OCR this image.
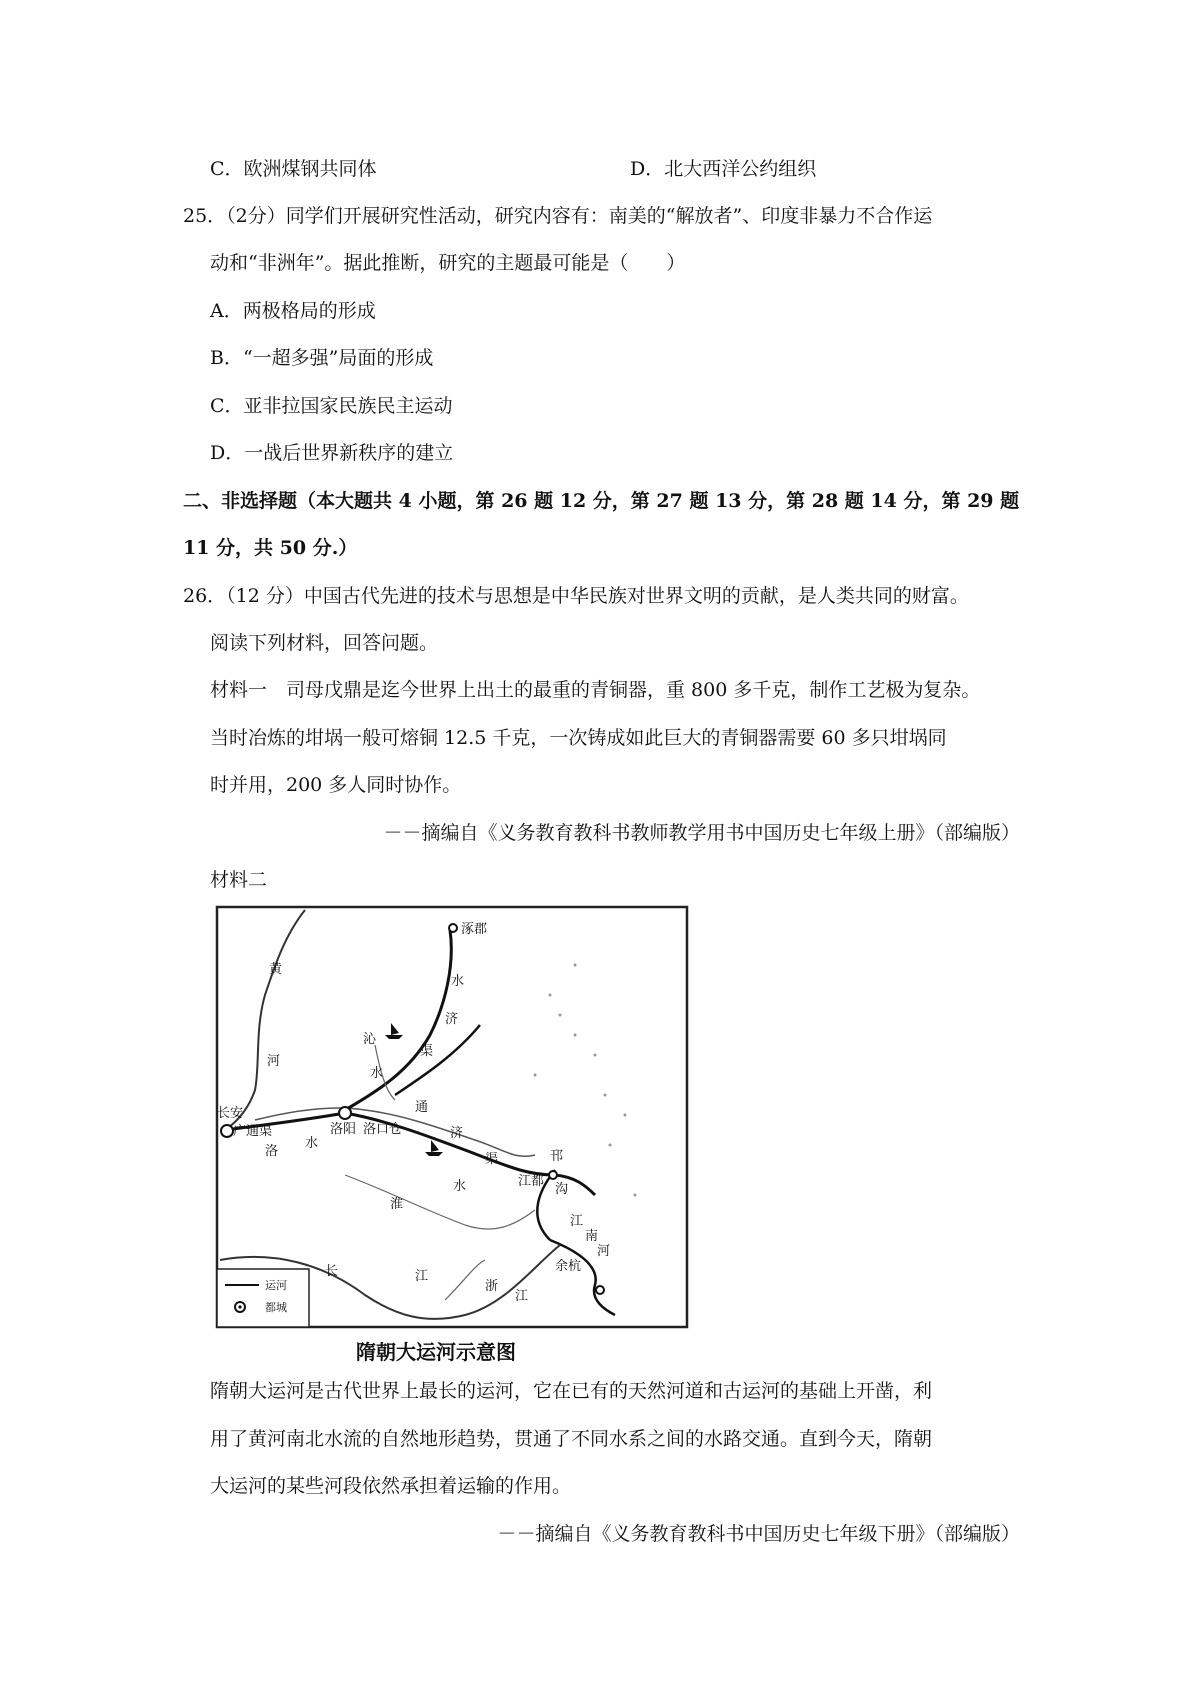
C．欧洲煤钢共同体	D．北大西洋公约组织
25．（2分）同学们开展研究性活动，研究内容有：南美的“解放者”、印度非暴力不合作运
动和“非洲年”。据此推断，研究的主题最可能是（　　）
A．两极格局的形成
B．“一超多强”局面的形成
C．亚非拉国家民族民主运动
D．一战后世界新秩序的建立
二、非选择题（本大题共 4 小题，第 26 题 12 分，第 27 题 13 分，第 28 题 14 分，第 29 题
11 分，共 50 分.）
26．（12 分）中国古代先进的技术与思想是中华民族对世界文明的贡献，是人类共同的财富。
阅读下列材料，回答问题。
材料一　司母戊鼎是迄今世界上出土的最重的青铜器，重 800 多千克，制作工艺极为复杂。
当时冶炼的坩埚一般可熔铜 12.5 千克，一次铸成如此巨大的青铜器需要 60 多只坩埚同
时并用，200 多人同时协作。
－－摘编自《义务教育教科书教师教学用书中国历史七年级上册》（部编版）
材料二
涿郡
黄
河
水
济
渠
沁
水
长安
广通渠	洛阳 洛口仓
洛
水
通
济
渠
淮
水
邗
沟
江都
江
南
河
余杭
长	江
浙
江
运河
都城
隋朝大运河示意图
隋朝大运河是古代世界上最长的运河，它在已有的天然河道和古运河的基础上开凿，利
用了黄河南北水流的自然地形趋势，贯通了不同水系之间的水路交通。直到今天，隋朝
大运河的某些河段依然承担着运输的作用。
－－摘编自《义务教育教科书中国历史七年级下册》（部编版）
